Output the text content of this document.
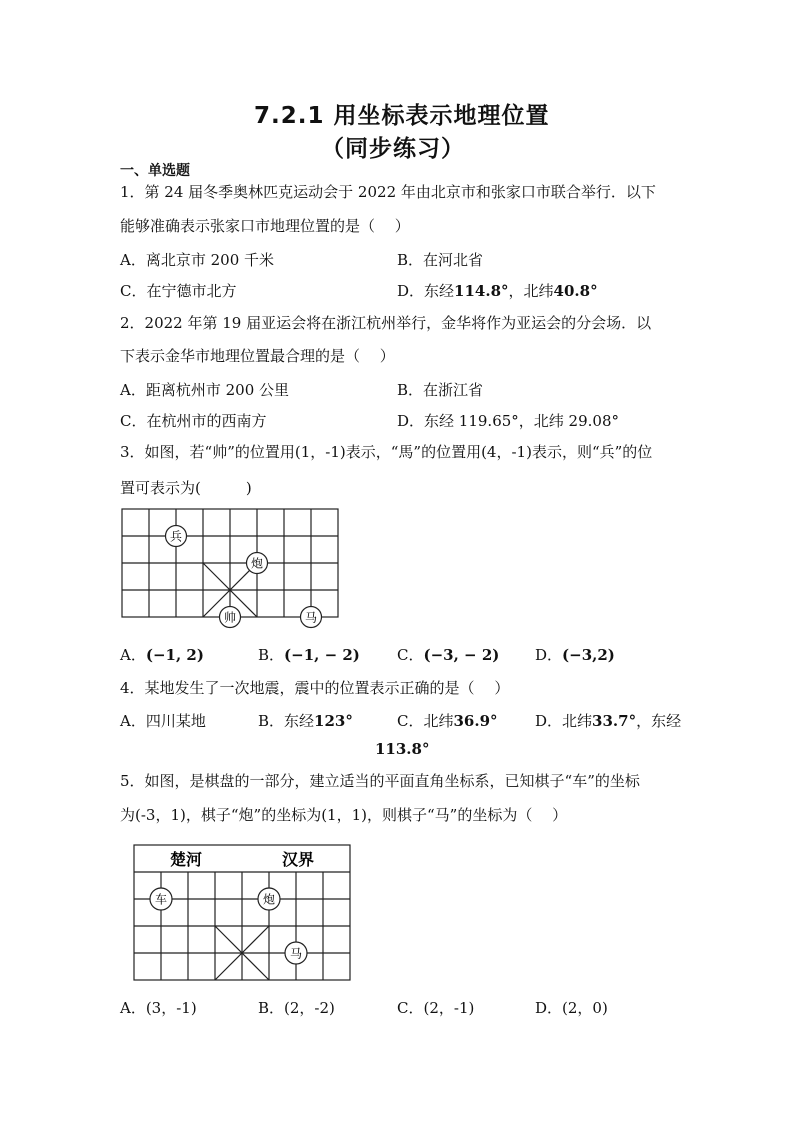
7.2.1 用坐标表示地理位置
（同步练习）
一、单选题
1．第 24 届冬季奥林匹克运动会于 2022 年由北京市和张家口市联合举行．以下
能够准确表示张家口市地理位置的是（　 ）
A．离北京市 200 千米	B．在河北省
C．在宁德市北方	D．东经114.8°，北纬40.8°
2．2022 年第 19 届亚运会将在浙江杭州举行，金华将作为亚运会的分会场．以
下表示金华市地理位置最合理的是（　 ）
A．距离杭州市 200 公里	B．在浙江省
C．在杭州市的西南方	D．东经 119.65°，北纬 29.08°
3．如图，若“帅”的位置用(1，-1)表示，“馬”的位置用(4，-1)表示，则“兵”的位
置可表示为(　　　)
兵
炮
帅	马
A．(−1, 2)	B．(−1, − 2) C．(−3, − 2) D．(−3,2)
4．某地发生了一次地震，震中的位置表示正确的是（　 ）
A．四川某地	B．东经123°	C．北纬36.9° D．北纬33.7°，东经
113.8°
5．如图，是棋盘的一部分，建立适当的平面直角坐标系，已知棋子“车”的坐标
为(-3，1)，棋子“炮”的坐标为(1，1)，则棋子“马”的坐标为（　 ）
楚河	汉界
车	炮
马
A．(3，-1)	B．(2，-2)	C．(2，-1)	D．(2，0)
